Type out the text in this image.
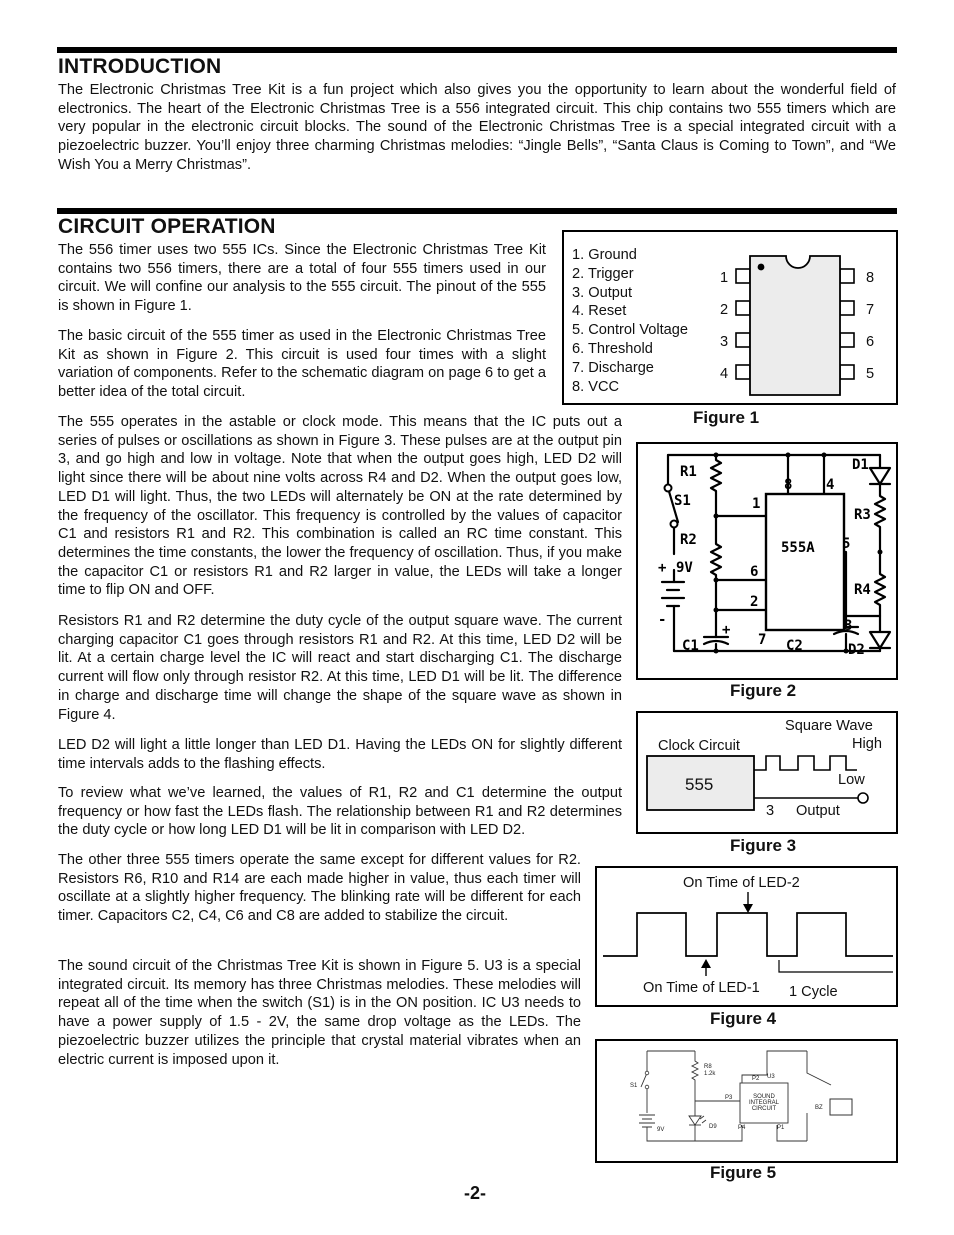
INTRODUCTION

The Electronic Christmas Tree Kit is a fun project which also gives you the opportunity to learn about the wonderful field of electronics. The heart of the Electronic Christmas Tree is a 556 integrated circuit. This chip contains two 555 timers which are very popular in the electronic circuit blocks. The sound of the Electronic Christmas Tree is a special integrated circuit with a piezoelectric buzzer. You’ll enjoy three charming Christmas melodies: “Jingle Bells”, “Santa Claus is Coming to Town”, and “We Wish You a Merry Christmas”.

CIRCUIT OPERATION

The 556 timer uses two 555 ICs. Since the Electronic Christmas Tree Kit contains two 556 timers, there are a total of four 555 timers used in our circuit. We will confine our analysis to the 555 circuit. The pinout of the 555 is shown in Figure 1.

The basic circuit of the 555 timer as used in the Electronic Christmas Tree Kit as shown in Figure 2. This circuit is used four times with a slight variation of components. Refer to the schematic diagram on page 6 to get a better idea of the total circuit.

The 555 operates in the astable or clock mode. This means that the IC puts out a series of pulses or oscillations as shown in Figure 3. These pulses are at the output pin 3, and go high and low in voltage. Note that when the output goes high, LED D2 will light since there will be about nine volts across R4 and D2. When the output goes low, LED D1 will light. Thus, the two LEDs will alternately be ON at the rate determined by the frequency of the oscillator. This frequency is controlled by the values of capacitor C1 and resistors R1 and R2. This combination is called an RC time constant. This determines the time constants, the lower the frequency of oscillation. Thus, if you make the capacitor C1 or resistors R1 and R2 larger in value, the LEDs will take a longer time to flip ON and OFF.

Resistors R1 and R2 determine the duty cycle of the output square wave. The current charging capacitor C1 goes through resistors R1 and R2. At this time, LED D2 will be lit. At a certain charge level the IC will react and start discharging C1. The discharge current will flow only through resistor R2. At this time, LED D1 will be lit. The difference in charge and discharge time will change the shape of the square wave as shown in Figure 4.

LED D2 will light a little longer than LED D1. Having the LEDs ON for slightly different time intervals adds to the flashing effects.

To review what we’ve learned, the values of R1, R2 and C1 determine the output frequency or how fast the LEDs flash. The relationship between R1 and R2 determines the duty cycle or how long LED D1 will be lit in comparison with LED D2.

The other three 555 timers operate the same except for different values for R2. Resistors R6, R10 and R14 are each made higher in value, thus each timer will oscillate at a slightly higher frequency. The blinking rate will be different for each timer. Capacitors C2, C4, C6 and C8 are added to stabilize the circuit.

The sound circuit of the Christmas Tree Kit is shown in Figure 5. U3 is a special integrated circuit. Its memory has three Christmas melodies. These melodies will repeat all of the time when the switch (S1) is in the ON position. IC U3 needs to have a power supply of 1.5 - 2V, the same drop voltage as the LEDs. The piezoelectric buzzer utilizes the principle that crystal material vibrates when an electric current is imposed upon it.

1. Ground
2. Trigger
3. Output
4. Reset
5. Control Voltage
6. Threshold
7. Discharge
8. VCC
1
2
3
4
8
7
6
5

Figure 1

555A
R1
S1
R2
+ 9V
-
+
C1	C2
D1
R3
R4
D2
8 4
1
5
6
2
7
3

Figure 2

Clock Circuit
Square Wave
High
555	Low
3 Output

Figure 3

On Time of LED-2
On Time of LED-1 1 Cycle

Figure 4

S1
9V
R8
1.2k
D9
U3
P2
P3
P4	P1
BZ
SOUND
INTEGRAL
CIRCUIT

Figure 5

-2-
